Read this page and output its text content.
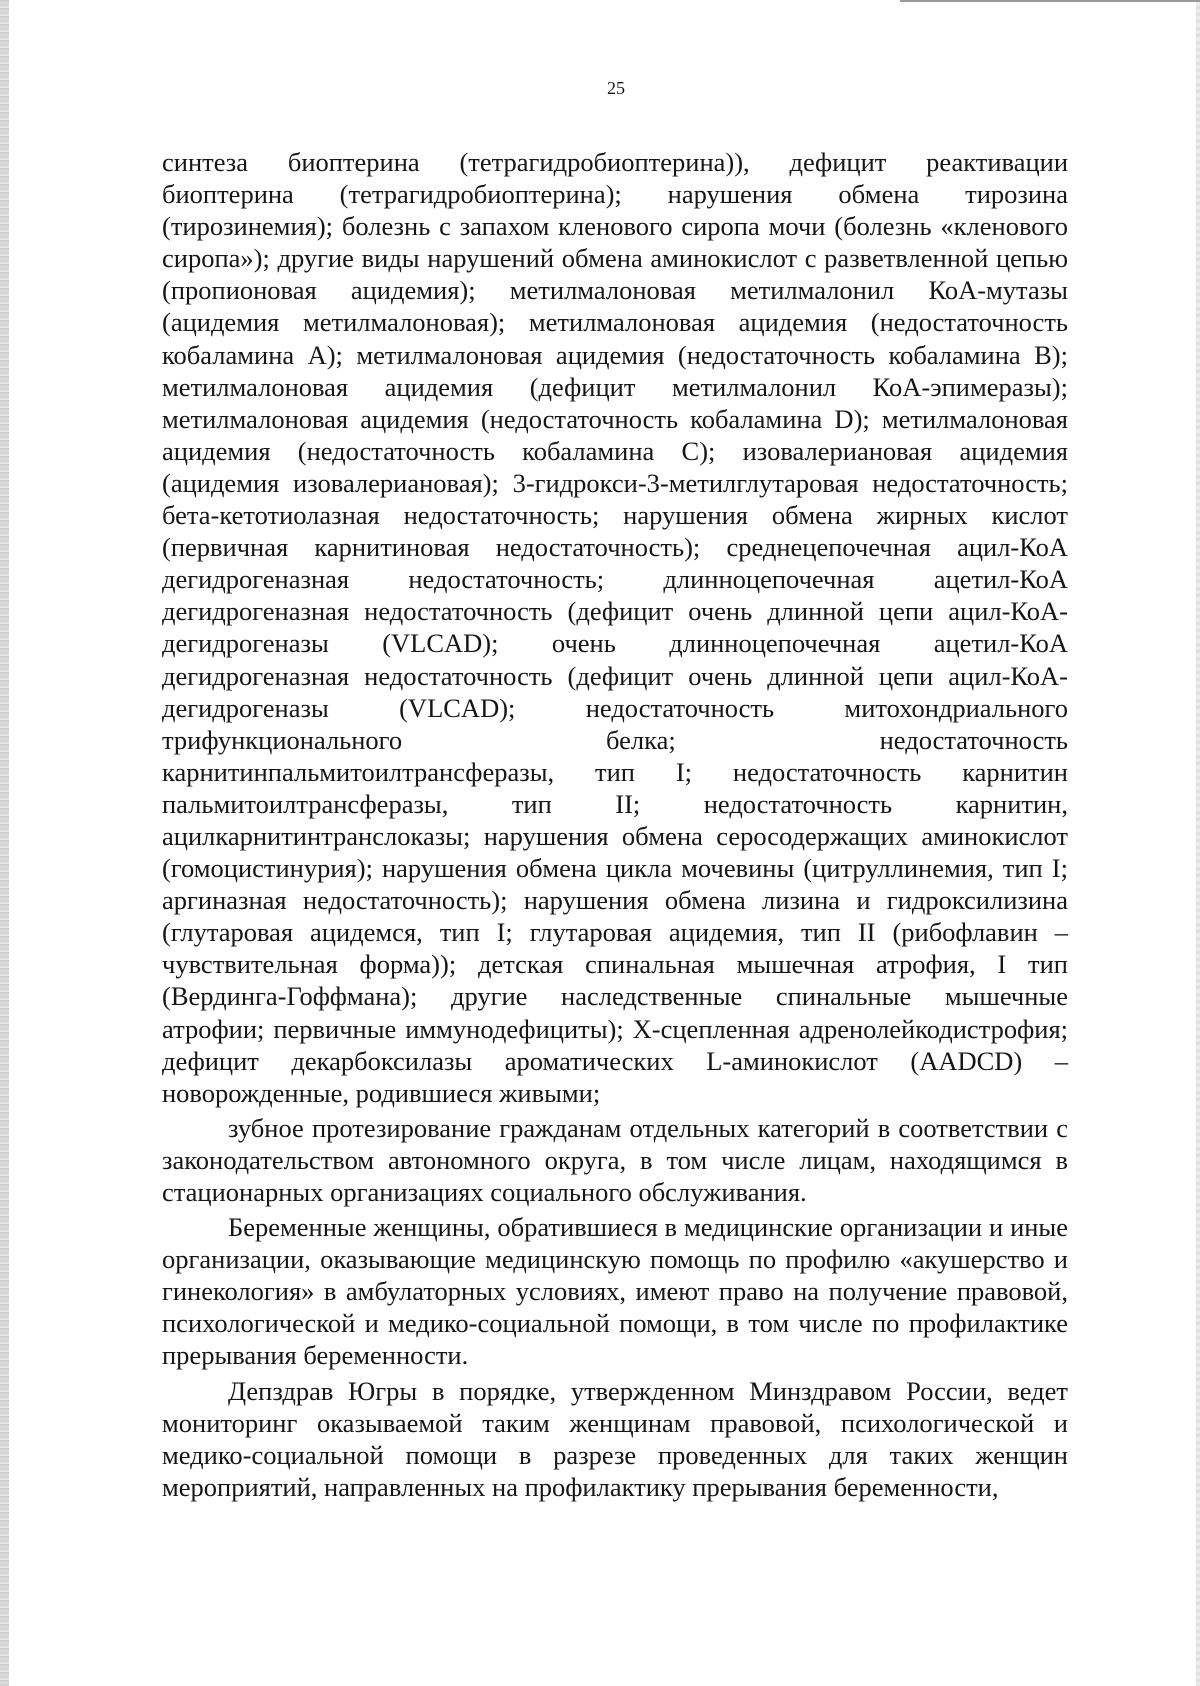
25

синтеза биоптерина (тетрагидробиоптерина)), дефицит реактивации биоптерина (тетрагидробиоптерина); нарушения обмена тирозина (тирозинемия); болезнь с запахом кленового сиропа мочи (болезнь «кленового сиропа»); другие виды нарушений обмена аминокислот с разветвленной цепью (пропионовая ацидемия); метилмалоновая метилмалонил КоА-мутазы (ацидемия метилмалоновая); метилмалоновая ацидемия (недостаточность кобаламина A); метилмалоновая ацидемия (недостаточность кобаламина B); метилмалоновая ацидемия (дефицит метилмалонил КоА-эпимеразы); метилмалоновая ацидемия (недостаточность кобаламина D); метилмалоновая ацидемия (недостаточность кобаламина C); изовалериановая ацидемия (ацидемия изовалериановая); 3-гидрокси-3-метилглутаровая недостаточность; бета-кетотиолазная недостаточность; нарушения обмена жирных кислот (первичная карнитиновая недостаточность); среднецепочечная ацил-КоА дегидрогеназная недостаточность; длинноцепочечная ацетил-КоА дегидрогеназная недостаточность (дефицит очень длинной цепи ацил-КоА-дегидрогеназы (VLCAD); очень длинноцепочечная ацетил-КоА дегидрогеназная недостаточность (дефицит очень длинной цепи ацил-КоА-дегидрогеназы (VLCAD); недостаточность митохондриального трифункционального белка; недостаточность карнитинпальмитоилтрансферазы, тип I; недостаточность карнитин пальмитоилтрансферазы, тип II; недостаточность карнитин, ацилкарнитинтранслоказы; нарушения обмена серосодержащих аминокислот (гомоцистинурия); нарушения обмена цикла мочевины (цитруллинемия, тип I; аргиназная недостаточность); нарушения обмена лизина и гидроксилизина (глутаровая ацидемся, тип I; глутаровая ацидемия, тип II (рибофлавин – чувствительная форма)); детская спинальная мышечная атрофия, I тип (Вердинга-Гоффмана); другие наследственные спинальные мышечные атрофии; первичные иммунодефициты); X-сцепленная адренолейкодистрофия; дефицит декарбоксилазы ароматических L-аминокислот (AADCD) – новорожденные, родившиеся живыми;

зубное протезирование гражданам отдельных категорий в соответствии с законодательством автономного округа, в том числе лицам, находящимся в стационарных организациях социального обслуживания.

Беременные женщины, обратившиеся в медицинские организации и иные организации, оказывающие медицинскую помощь по профилю «акушерство и гинекология» в амбулаторных условиях, имеют право на получение правовой, психологической и медико-социальной помощи, в том числе по профилактике прерывания беременности.

Депздрав Югры в порядке, утвержденном Минздравом России, ведет мониторинг оказываемой таким женщинам правовой, психологической и медико-социальной помощи в разрезе проведенных для таких женщин мероприятий, направленных на профилактику прерывания беременности,
